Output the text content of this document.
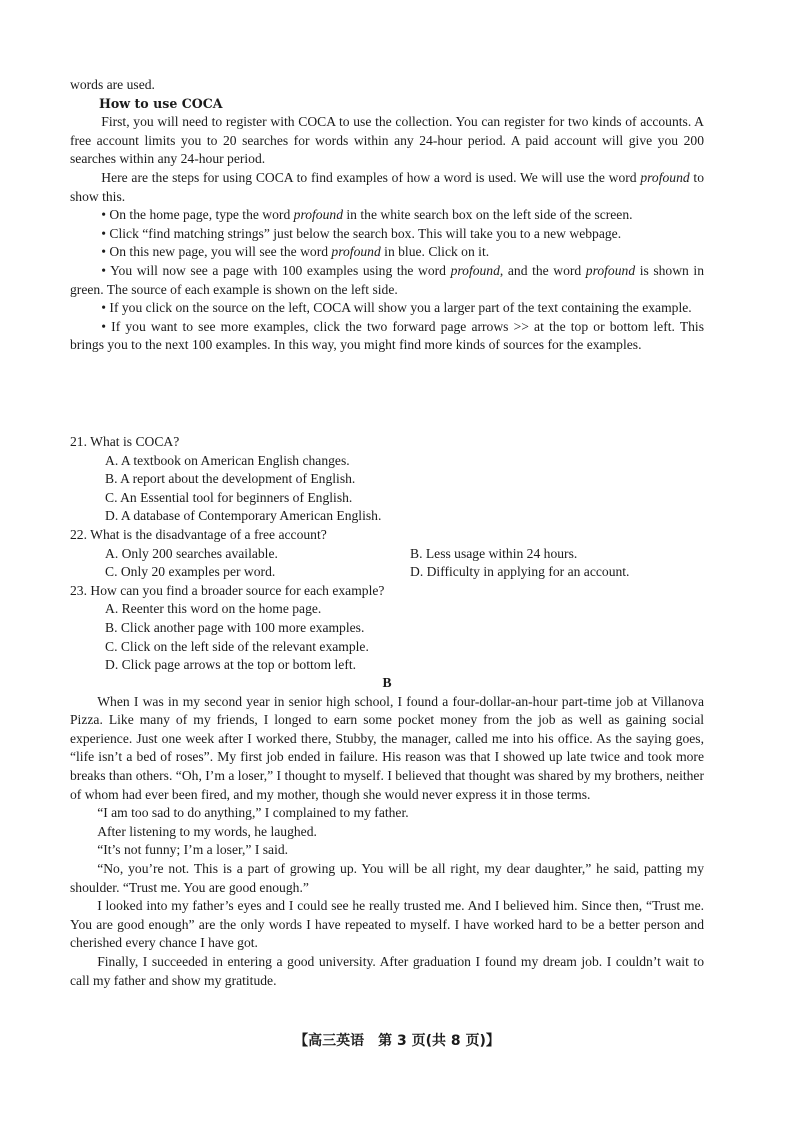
words are used.

How to use COCA

First, you will need to register with COCA to use the collection. You can register for two kinds of accounts. A free account limits you to 20 searches for words within any 24-hour period. A paid account will give you 200 searches within any 24-hour period.

Here are the steps for using COCA to find examples of how a word is used. We will use the word profound to show this.

• On the home page, type the word profound in the white search box on the left side of the screen.

• Click “find matching strings” just below the search box. This will take you to a new webpage.

• On this new page, you will see the word profound in blue. Click on it.

• You will now see a page with 100 examples using the word profound, and the word profound is shown in green. The source of each example is shown on the left side.

• If you click on the source on the left, COCA will show you a larger part of the text containing the example.

• If you want to see more examples, click the two forward page arrows >> at the top or bottom left. This brings you to the next 100 examples. In this way, you might find more kinds of sources for the examples.

21. What is COCA?

A. A textbook on American English changes.

B. A report about the development of English.

C. An Essential tool for beginners of English.

D. A database of Contemporary American English.

22. What is the disadvantage of a free account?

A. Only 200 searches available.	B. Less usage within 24 hours.
C. Only 20 examples per word.	D. Difficulty in applying for an account.

23. How can you find a broader source for each example?

A. Reenter this word on the home page.

B. Click another page with 100 more examples.

C. Click on the left side of the relevant example.

D. Click page arrows at the top or bottom left.

B

When I was in my second year in senior high school, I found a four-dollar-an-hour part-time job at Villanova Pizza. Like many of my friends, I longed to earn some pocket money from the job as well as gaining social experience. Just one week after I worked there, Stubby, the manager, called me into his office. As the saying goes, “life isn’t a bed of roses”. My first job ended in failure. His reason was that I showed up late twice and took more breaks than others. “Oh, I’m a loser,” I thought to myself. I believed that thought was shared by my brothers, neither of whom had ever been fired, and my mother, though she would never express it in those terms.

“I am too sad to do anything,” I complained to my father.

After listening to my words, he laughed.

“It’s not funny; I’m a loser,” I said.

“No, you’re not. This is a part of growing up. You will be all right, my dear daughter,” he said, patting my shoulder. “Trust me. You are good enough.”

I looked into my father’s eyes and I could see he really trusted me. And I believed him. Since then, “Trust me. You are good enough” are the only words I have repeated to myself. I have worked hard to be a better person and cherished every chance I have got.

Finally, I succeeded in entering a good university. After graduation I found my dream job. I couldn’t wait to call my father and show my gratitude.

【高三英语　第 3 页(共 8 页)】
